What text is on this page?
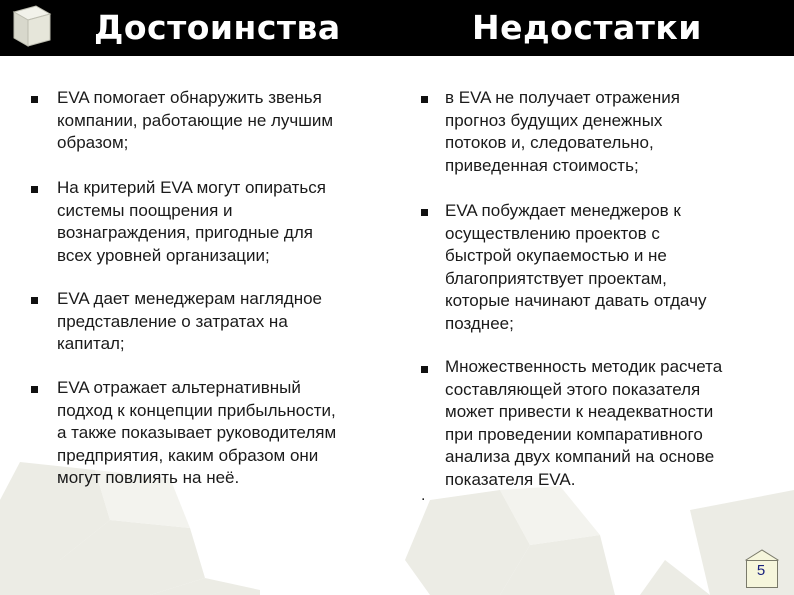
Достоинства	Недостатки

EVA помогает обнаружить звенья
компании, работающие не лучшим
образом;

На критерий EVA могут опираться
системы поощрения и
вознаграждения, пригодные для
всех уровней организации;

EVA дает менеджерам наглядное
представление о затратах на
капитал;

EVA отражает альтернативный
подход к концепции прибыльности,
а также показывает руководителям
предприятия, каким образом они
могут повлиять на неё.

в EVA не получает отражения
прогноз будущих денежных
потоков и, следовательно,
приведенная стоимость;

EVA побуждает менеджеров к
осуществлению проектов с
быстрой окупаемостью и не
благоприятствует проектам,
которые начинают давать отдачу
позднее;

Множественность методик расчета
составляющей этого показателя
может привести к неадекватности
при проведении компаративного
анализа двух компаний на основе
показателя EVA.

.
5
